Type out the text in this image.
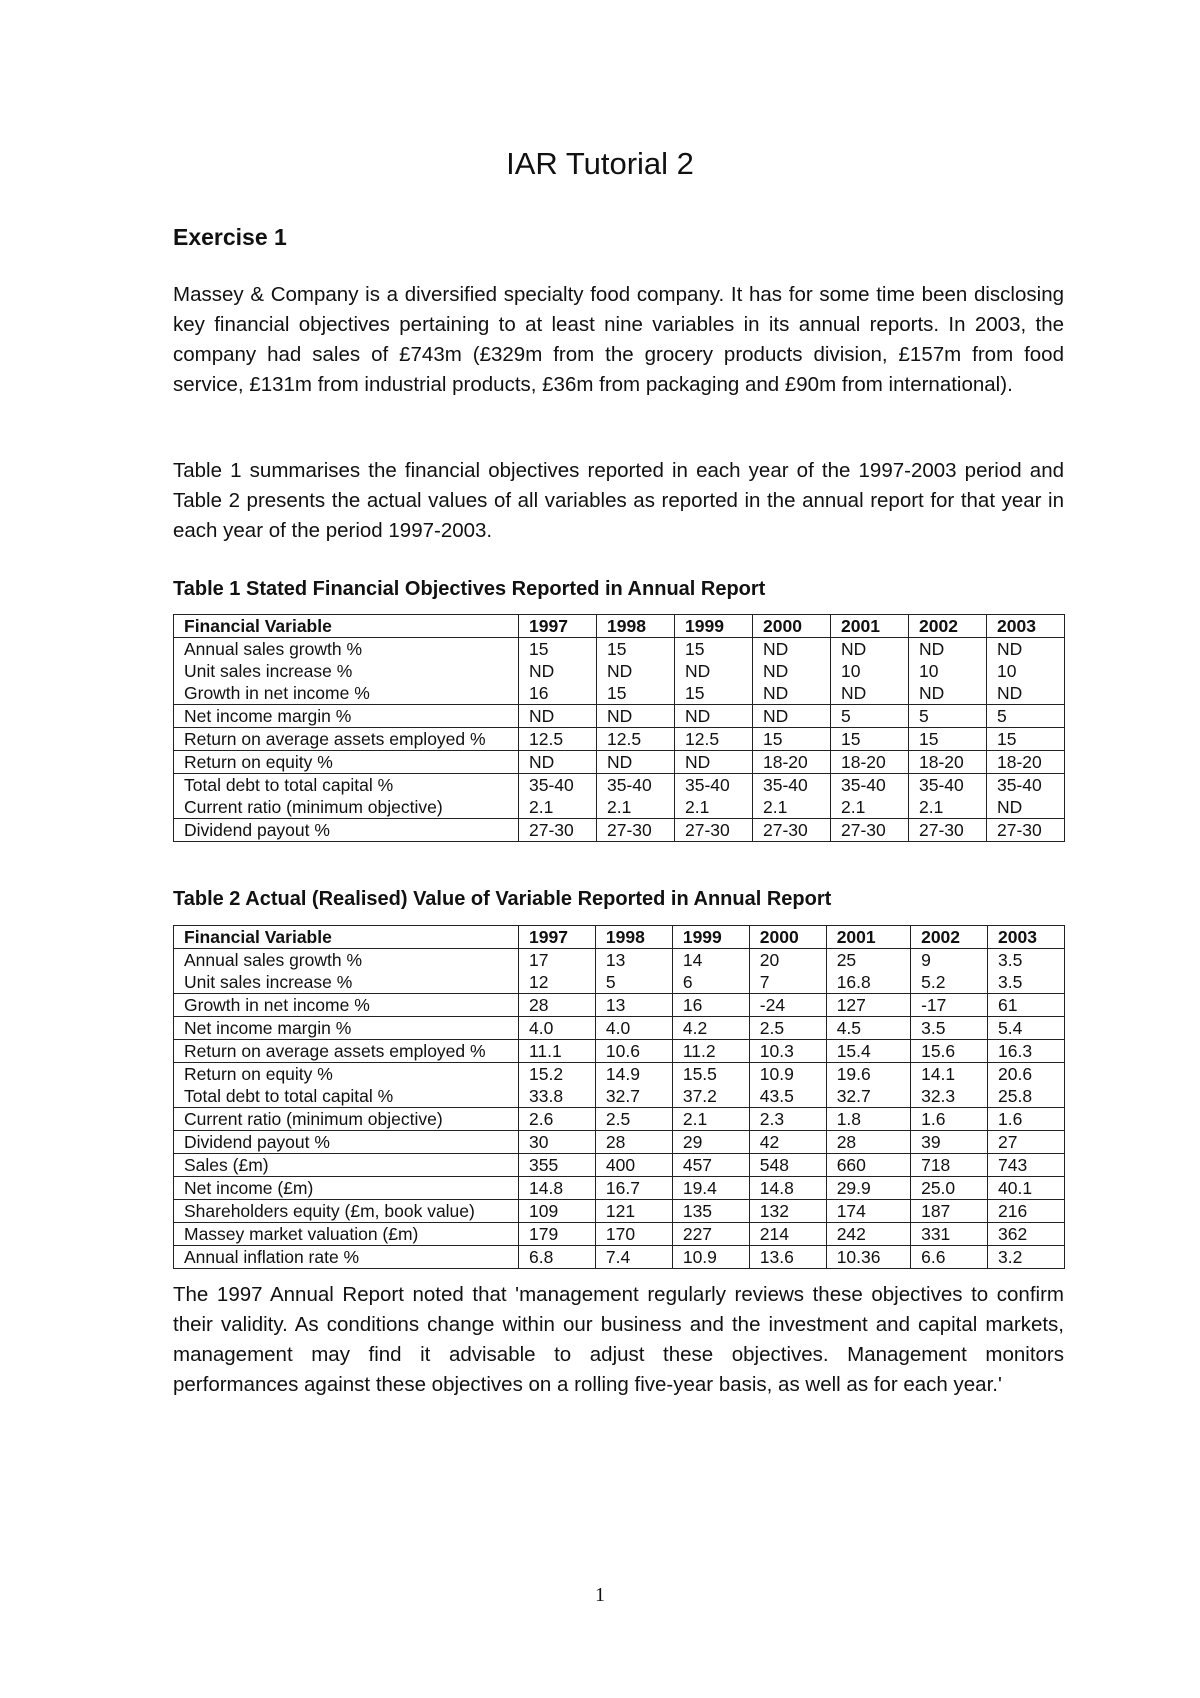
IAR Tutorial 2
Exercise 1

Massey & Company is a diversified specialty food company. It has for some time been disclosing key financial objectives pertaining to at least nine variables in its annual reports. In 2003, the company had sales of £743m (£329m from the grocery products division, £157m from food service, £131m from industrial products, £36m from packaging and £90m from international).

Table 1 summarises the financial objectives reported in each year of the 1997-2003 period and Table 2 presents the actual values of all variables as reported in the annual report for that year in each year of the period 1997-2003.

Table 1 Stated Financial Objectives Reported in Annual Report

Financial Variable	1997	1998	1999	2000	2001	2002	2003
Annual sales growth %	15	15	15	ND	ND	ND	ND
Unit sales increase %	ND	ND	ND	ND	10	10	10
Growth in net income %	16	15	15	ND	ND	ND	ND
Net income margin %	ND	ND	ND	ND	5	5	5
Return on average assets employed %	12.5	12.5	12.5	15	15	15	15
Return on equity %	ND	ND	ND	18-20	18-20	18-20	18-20
Total debt to total capital %	35-40	35-40	35-40	35-40	35-40	35-40	35-40
Current ratio (minimum objective)	2.1	2.1	2.1	2.1	2.1	2.1	ND
Dividend payout %	27-30	27-30	27-30	27-30	27-30	27-30	27-30

Table 2 Actual (Realised) Value of Variable Reported in Annual Report

Financial Variable	1997	1998	1999	2000	2001	2002	2003
Annual sales growth %	17	13	14	20	25	9	3.5
Unit sales increase %	12	5	6	7	16.8	5.2	3.5
Growth in net income %	28	13	16	-24	127	-17	61
Net income margin %	4.0	4.0	4.2	2.5	4.5	3.5	5.4
Return on average assets employed %	11.1	10.6	11.2	10.3	15.4	15.6	16.3
Return on equity %	15.2	14.9	15.5	10.9	19.6	14.1	20.6
Total debt to total capital %	33.8	32.7	37.2	43.5	32.7	32.3	25.8
Current ratio (minimum objective)	2.6	2.5	2.1	2.3	1.8	1.6	1.6
Dividend payout %	30	28	29	42	28	39	27
Sales (£m)	355	400	457	548	660	718	743
Net income (£m)	14.8	16.7	19.4	14.8	29.9	25.0	40.1
Shareholders equity (£m, book value)	109	121	135	132	174	187	216
Massey market valuation (£m)	179	170	227	214	242	331	362
Annual inflation rate %	6.8	7.4	10.9	13.6	10.36	6.6	3.2

The 1997 Annual Report noted that 'management regularly reviews these objectives to confirm their validity. As conditions change within our business and the investment and capital markets, management may find it advisable to adjust these objectives. Management monitors performances against these objectives on a rolling five-year basis, as well as for each year.'

1
